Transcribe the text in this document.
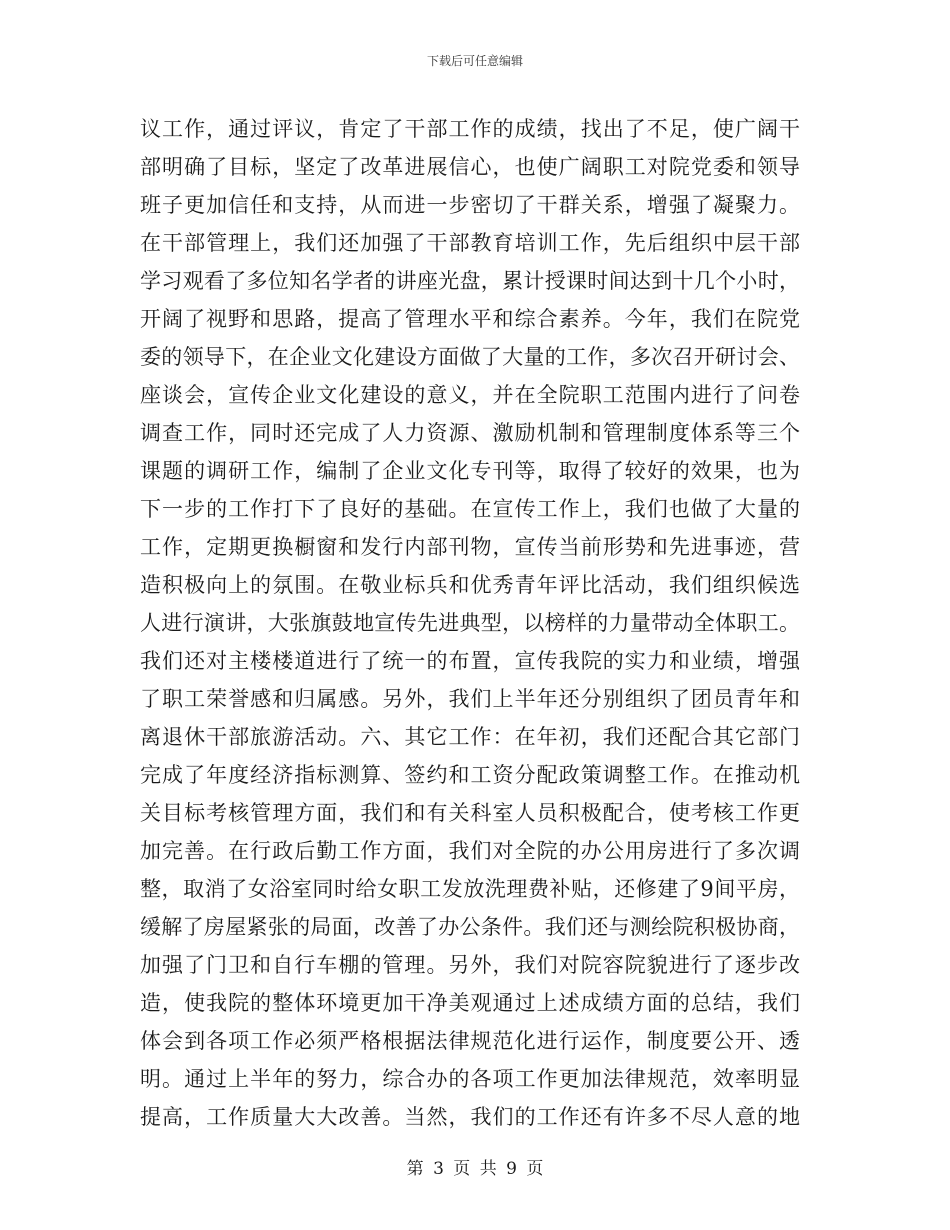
下载后可任意编辑
议工作，通过评议，肯定了干部工作的成绩，找出了不足，使广阔干
部明确了目标，坚定了改革进展信心，也使广阔职工对院党委和领导
班子更加信任和支持，从而进一步密切了干群关系，增强了凝聚力。
在干部管理上，我们还加强了干部教育培训工作，先后组织中层干部
学习观看了多位知名学者的讲座光盘，累计授课时间达到十几个小时，
开阔了视野和思路，提高了管理水平和综合素养。今年，我们在院党
委的领导下，在企业文化建设方面做了大量的工作，多次召开研讨会、
座谈会，宣传企业文化建设的意义，并在全院职工范围内进行了问卷
调查工作，同时还完成了人力资源、激励机制和管理制度体系等三个
课题的调研工作，编制了企业文化专刊等，取得了较好的效果，也为
下一步的工作打下了良好的基础。在宣传工作上，我们也做了大量的
工作，定期更换橱窗和发行内部刊物，宣传当前形势和先进事迹，营
造积极向上的氛围。在敬业标兵和优秀青年评比活动，我们组织候选
人进行演讲，大张旗鼓地宣传先进典型，以榜样的力量带动全体职工。
我们还对主楼楼道进行了统一的布置，宣传我院的实力和业绩，增强
了职工荣誉感和归属感。另外，我们上半年还分别组织了团员青年和
离退休干部旅游活动。六、其它工作：在年初，我们还配合其它部门
完成了年度经济指标测算、签约和工资分配政策调整工作。在推动机
关目标考核管理方面，我们和有关科室人员积极配合，使考核工作更
加完善。在行政后勤工作方面，我们对全院的办公用房进行了多次调
整，取消了女浴室同时给女职工发放洗理费补贴，还修建了9间平房，
缓解了房屋紧张的局面，改善了办公条件。我们还与测绘院积极协商，
加强了门卫和自行车棚的管理。另外，我们对院容院貌进行了逐步改
造，使我院的整体环境更加干净美观通过上述成绩方面的总结，我们
体会到各项工作必须严格根据法律规范化进行运作，制度要公开、透
明。通过上半年的努力，综合办的各项工作更加法律规范，效率明显
提高，工作质量大大改善。当然，我们的工作还有许多不尽人意的地
第 3 页 共 9 页
